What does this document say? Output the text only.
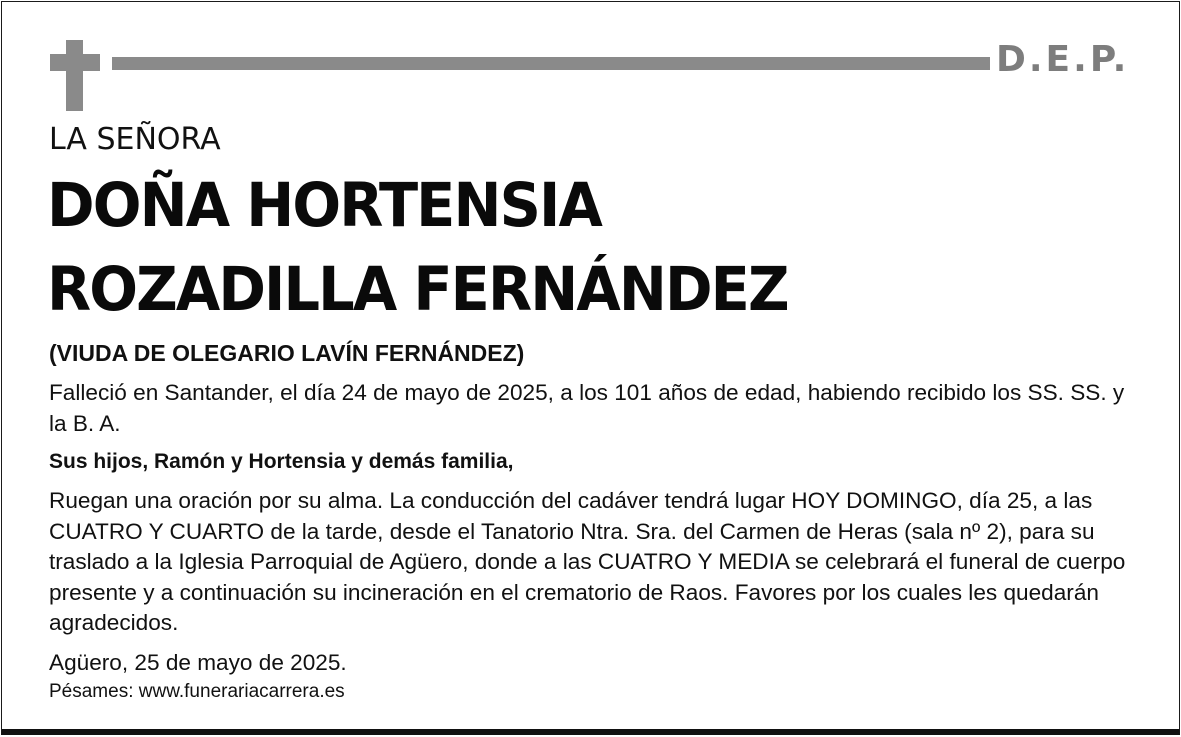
D.E.P.
LA SEÑORA
DOÑA HORTENSIA
ROZADILLA FERNÁNDEZ
(VIUDA DE OLEGARIO LAVÍN FERNÁNDEZ)
Falleció en Santander, el día 24 de mayo de 2025, a los 101 años de edad, habiendo recibido los SS. SS. y la B. A.
Sus hijos, Ramón y Hortensia y demás familia,
Ruegan una oración por su alma. La conducción del cadáver tendrá lugar HOY DOMINGO, día 25, a las CUATRO Y CUARTO de la tarde, desde el Tanatorio Ntra. Sra. del Carmen de Heras (sala nº 2), para su traslado a la Iglesia Parroquial de Agüero, donde a las CUATRO Y MEDIA se celebrará el funeral de cuerpo presente y a continuación su incineración en el crematorio de Raos. Favores por los cuales les quedarán agradecidos.
Agüero, 25 de mayo de 2025.
Pésames: www.funerariacarrera.es
